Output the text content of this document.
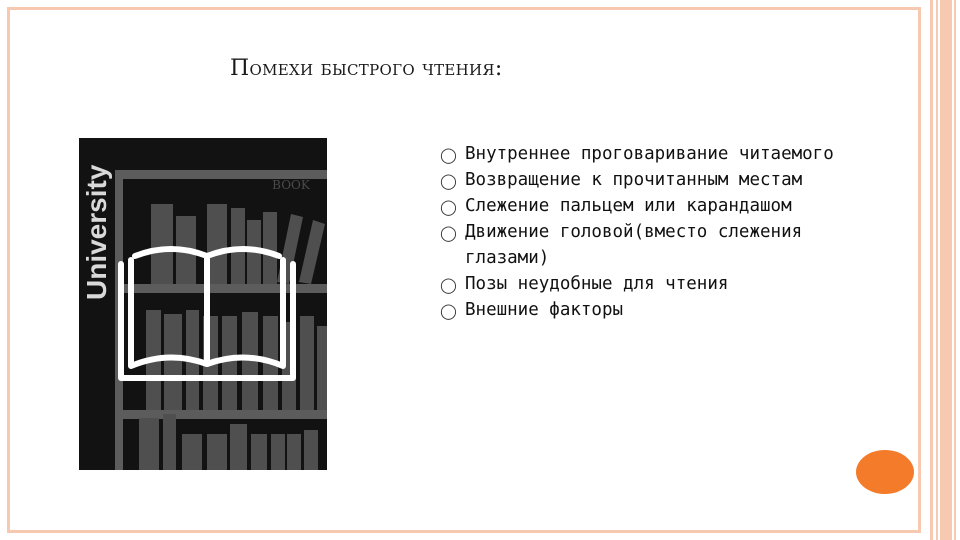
Помехи быстрого чтения:
BOOK
University
◯ Внутреннее проговаривание читаемого
◯ Возвращение к прочитанным местам
◯ Слежение пальцем или карандашом
◯ Движение головой(вместо слежения глазами)
◯ Позы неудобные для чтения
◯ Внешние факторы
